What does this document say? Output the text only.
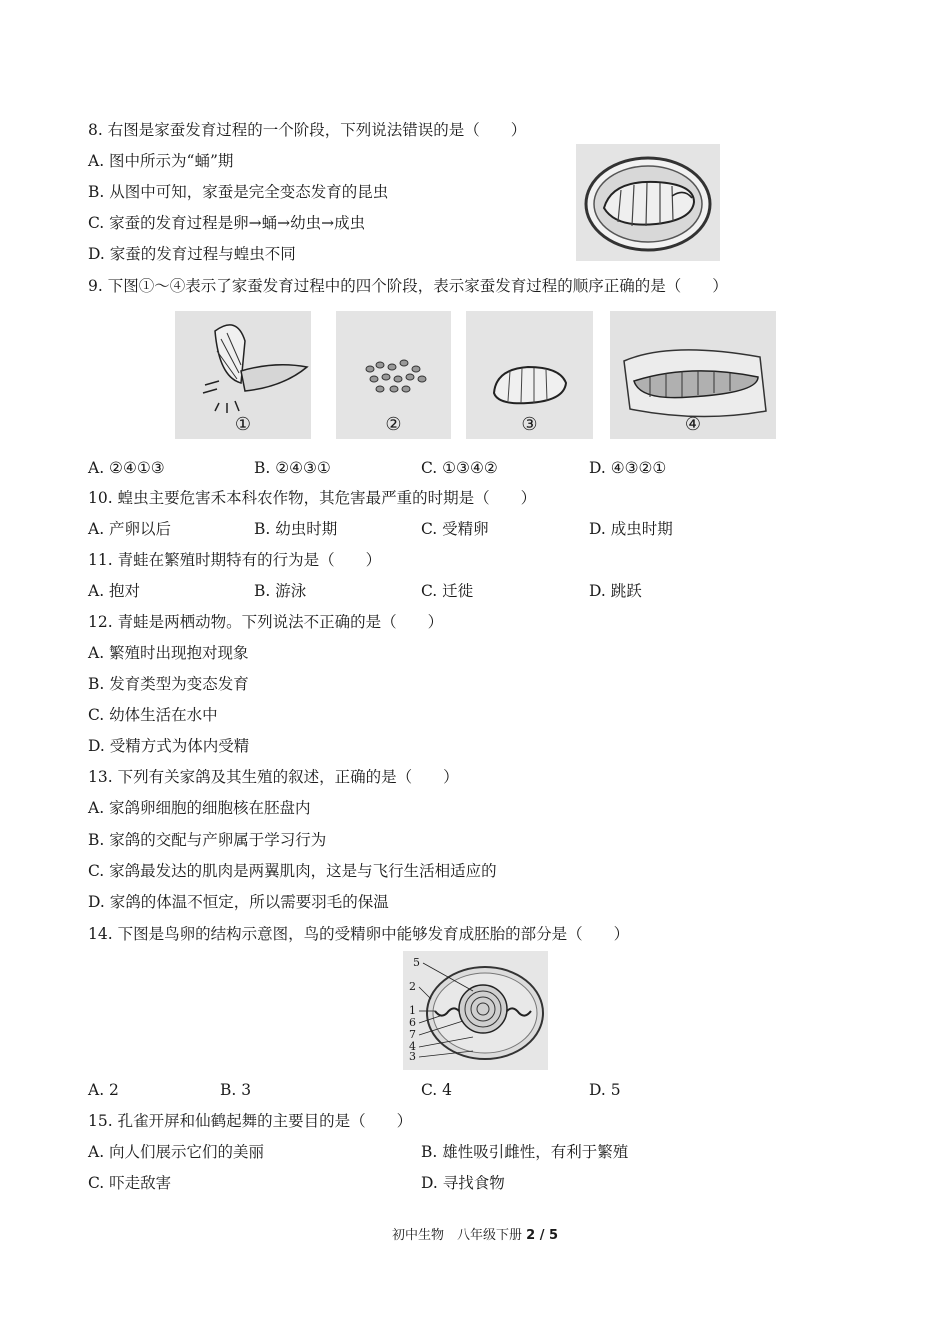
8. 右图是家蚕发育过程的一个阶段，下列说法错误的是（　　）
A. 图中所示为“蛹”期
B. 从图中可知，家蚕是完全变态发育的昆虫
C. 家蚕的发育过程是卵→蛹→幼虫→成虫
D. 家蚕的发育过程与蝗虫不同
9. 下图①～④表示了家蚕发育过程中的四个阶段，表示家蚕发育过程的顺序正确的是（　　）
①	②	③	④
A. ②④①③	B. ②④③①	C. ①③④②	D. ④③②①
10. 蝗虫主要危害禾本科农作物，其危害最严重的时期是（　　）
A. 产卵以后	B. 幼虫时期	C. 受精卵	D. 成虫时期
11. 青蛙在繁殖时期特有的行为是（　　）
A. 抱对	B. 游泳	C. 迁徙	D. 跳跃
12. 青蛙是两栖动物。下列说法不正确的是（　　）
A. 繁殖时出现抱对现象
B. 发育类型为变态发育
C. 幼体生活在水中
D. 受精方式为体内受精
13. 下列有关家鸽及其生殖的叙述，正确的是（　　）
A. 家鸽卵细胞的细胞核在胚盘内
B. 家鸽的交配与产卵属于学习行为
C. 家鸽最发达的肌肉是两翼肌肉，这是与飞行生活相适应的
D. 家鸽的体温不恒定，所以需要羽毛的保温
14. 下图是鸟卵的结构示意图，鸟的受精卵中能够发育成胚胎的部分是（　　）
5
2
1
6
7
4
3
A. 2	B. 3	C. 4	D. 5
15. 孔雀开屏和仙鹤起舞的主要目的是（　　）
A. 向人们展示它们的美丽	B. 雄性吸引雌性，有利于繁殖
C. 吓走敌害	D. 寻找食物
初中生物　八年级下册 2 / 5
